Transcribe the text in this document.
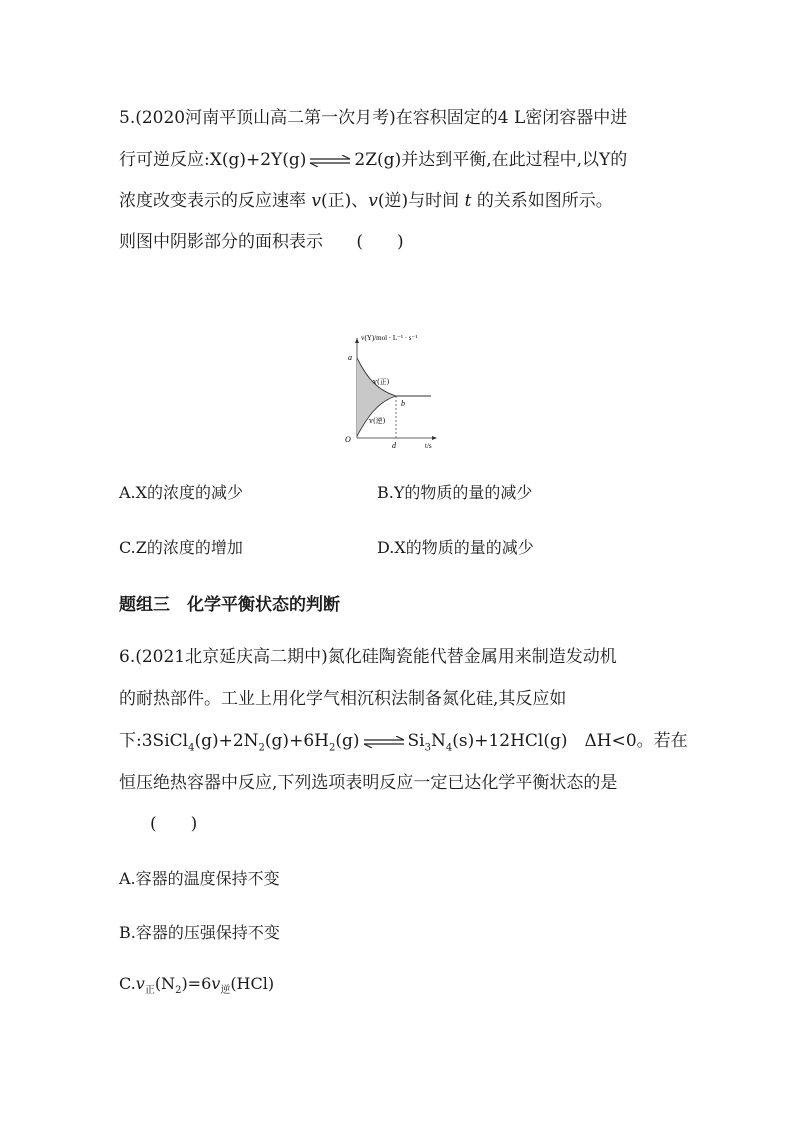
5.(2020河南平顶山高二第一次月考)在容积固定的4 L密闭容器中进
行可逆反应:X(g)+2Y(g) ⇌ 2Z(g)并达到平衡,在此过程中,以Y的
浓度改变表示的反应速率 v(正)、v(逆)与时间 t 的关系如图所示。
则图中阴影部分的面积表示 (　　)
v(Y)/mol · L⁻¹ · s⁻¹
a
b
d
O
t/s
v(正)
v(逆)
A.X的浓度的减少	B.Y的物质的量的减少
C.Z的浓度的增加	D.X的物质的量的减少
题组三　化学平衡状态的判断
6.(2021北京延庆高二期中)氮化硅陶瓷能代替金属用来制造发动机
的耐热部件。工业上用化学气相沉积法制备氮化硅,其反应如
下$:3SiCl_4(g)+2N_2(g)+6H_2(g)$ ⇌ $Si_3N_4(s)+12HCl(g)$　ΔH<0。若在
恒压绝热容器中反应,下列选项表明反应一定已达化学平衡状态的是
(　　)
A.容器的温度保持不变
B.容器的压强保持不变
$C.v_正(N_2)=6v_逆(HCl)$
